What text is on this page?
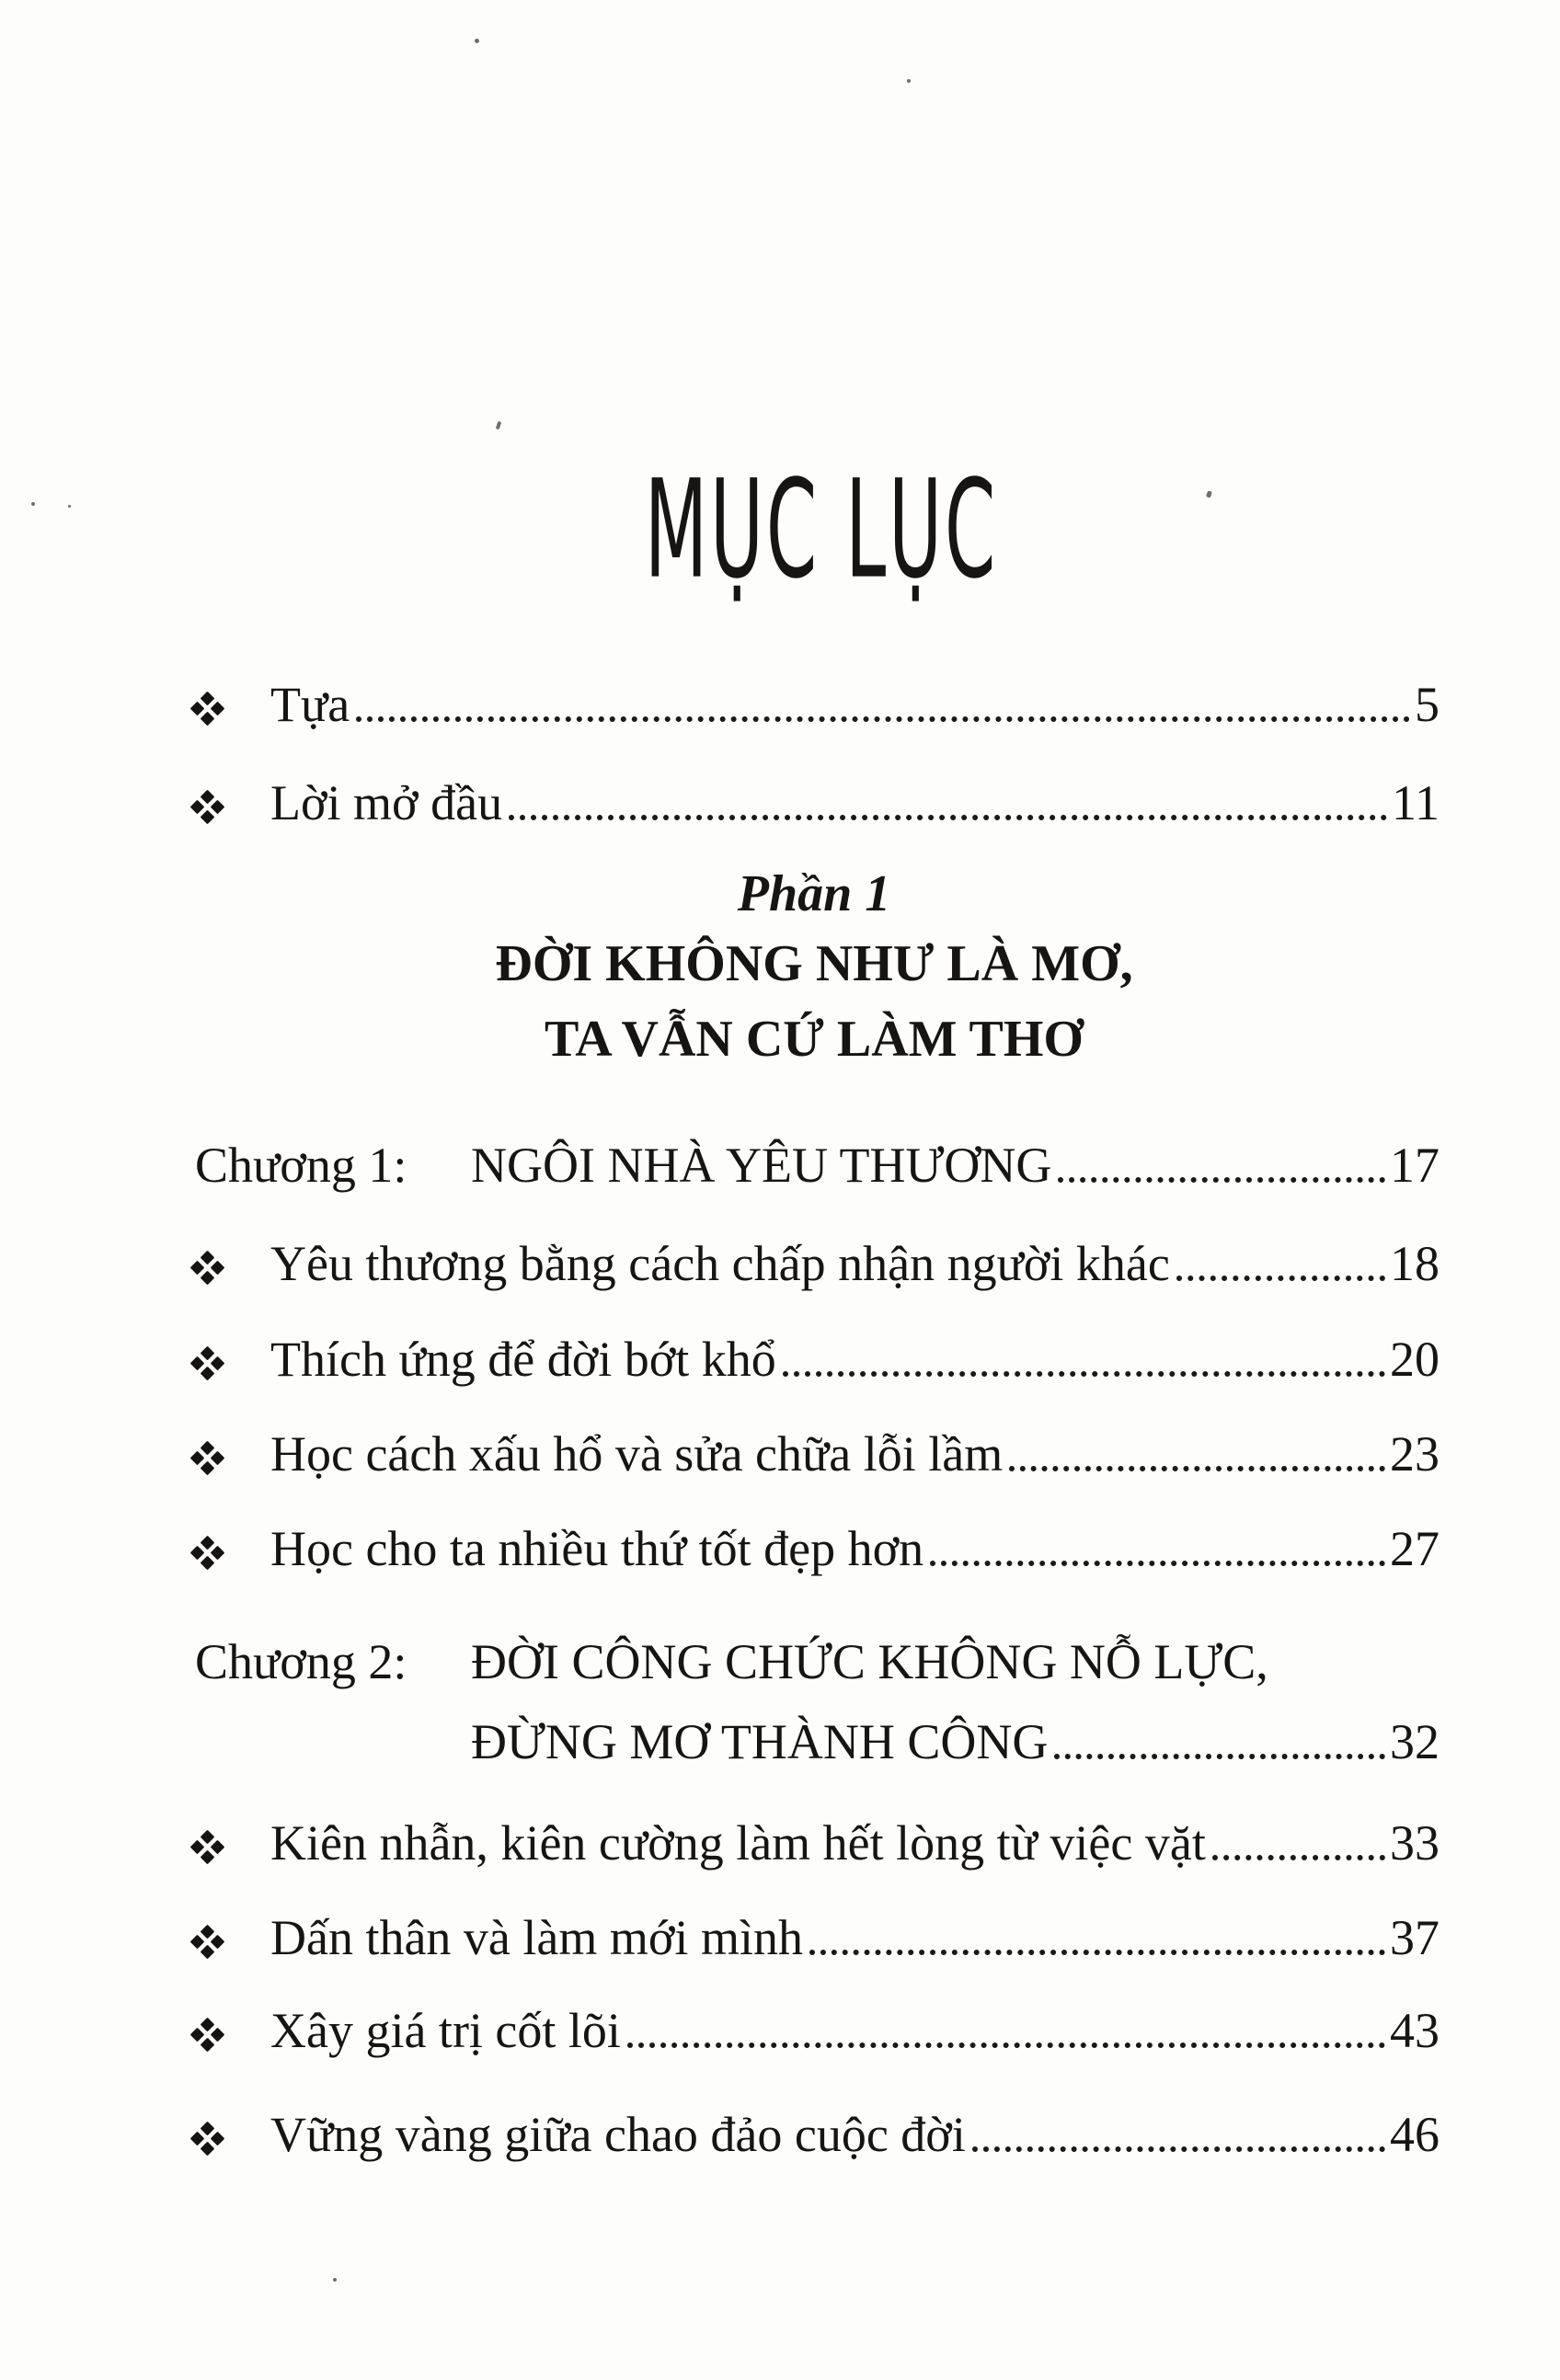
MỤC LỤC
Tựa	5
Lời mở đầu	11
Chương 1:	NGÔI NHÀ YÊU THƯƠNG	17
Yêu thương bằng cách chấp nhận người khác	18
Thích ứng để đời bớt khổ	20
Học cách xấu hổ và sửa chữa lỗi lầm	23
Học cho ta nhiều thứ tốt đẹp hơn	27
Chương 2:	ĐỜI CÔNG CHỨC KHÔNG NỖ LỰC,
ĐỪNG MƠ THÀNH CÔNG	32
Kiên nhẫn, kiên cường làm hết lòng từ việc vặt	33
Dấn thân và làm mới mình	37
Xây giá trị cốt lõi	43
Vững vàng giữa chao đảo cuộc đời	46
Phần 1
ĐỜI KHÔNG NHƯ LÀ MƠ,
TA VẪN CỨ LÀM THƠ
